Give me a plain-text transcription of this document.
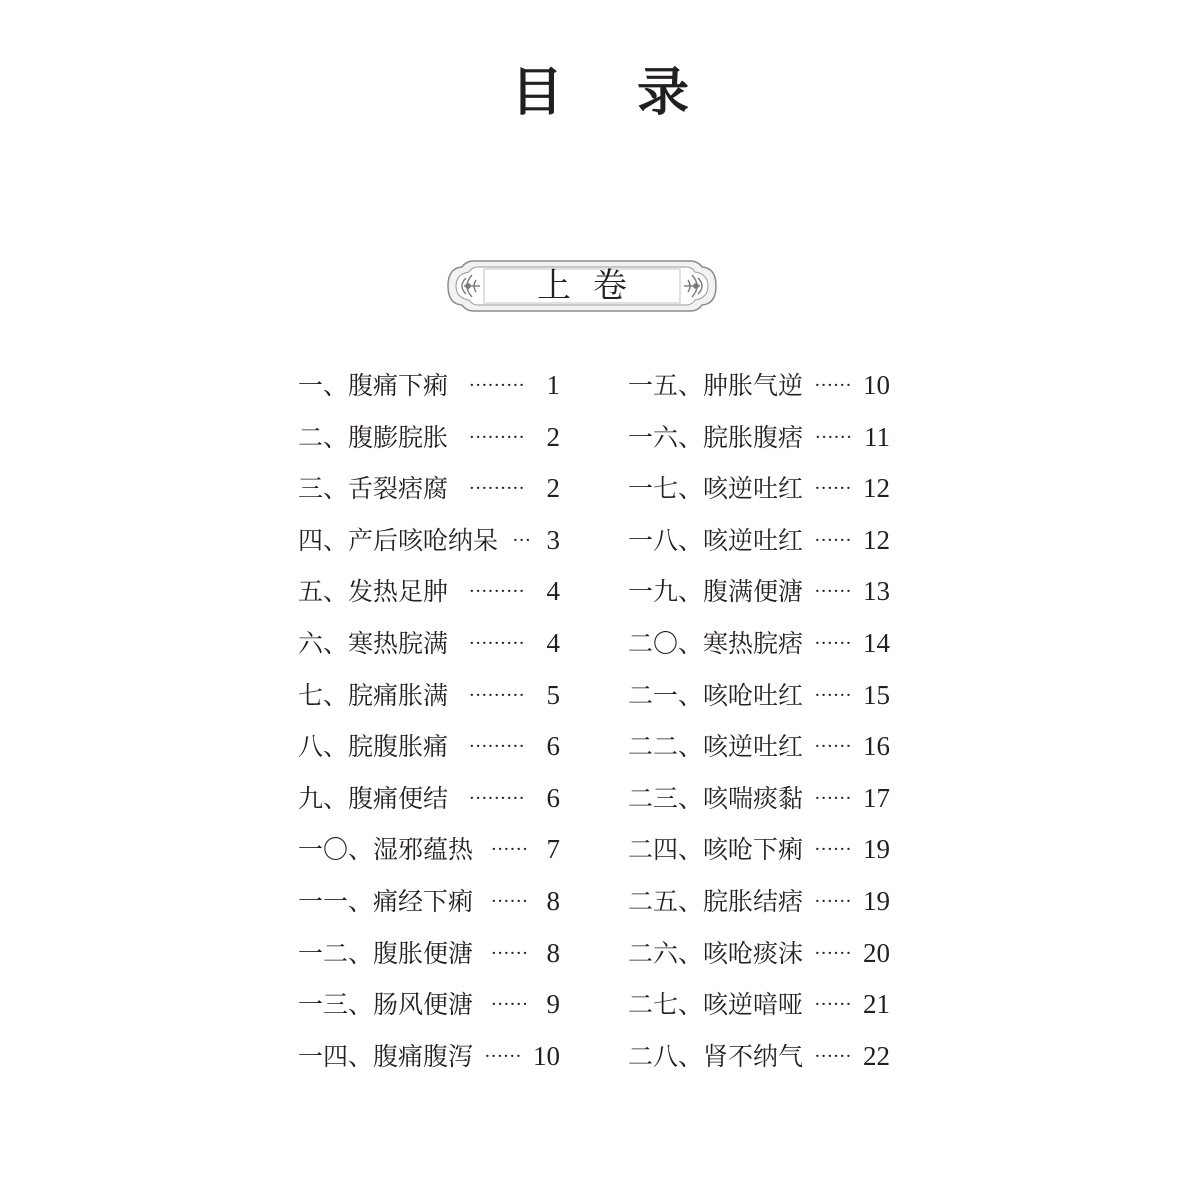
目 录
上卷
一、腹痛下痢 ········· 1
二、腹膨脘胀 ········· 2
三、舌裂痞腐 ········· 2
四、产后咳呛纳呆 ··· 3
五、发热足肿 ········· 4
六、寒热脘满 ········· 4
七、脘痛胀满 ········· 5
八、脘腹胀痛 ········· 6
九、腹痛便结 ········· 6
一〇、湿邪蕴热 ······ 7
一一、痛经下痢 ······ 8
一二、腹胀便溏 ······ 8
一三、肠风便溏 ······ 9
一四、腹痛腹泻 ······ 10
一五、肿胀气逆 ······ 10
一六、脘胀腹痞 ······ 11
一七、咳逆吐红 ······ 12
一八、咳逆吐红 ······ 12
一九、腹满便溏 ······ 13
二〇、寒热脘痞 ······ 14
二一、咳呛吐红 ······ 15
二二、咳逆吐红 ······ 16
二三、咳喘痰黏 ······ 17
二四、咳呛下痢 ······ 19
二五、脘胀结痞 ······ 19
二六、咳呛痰沫 ······ 20
二七、咳逆喑哑 ······ 21
二八、肾不纳气 ······ 22
